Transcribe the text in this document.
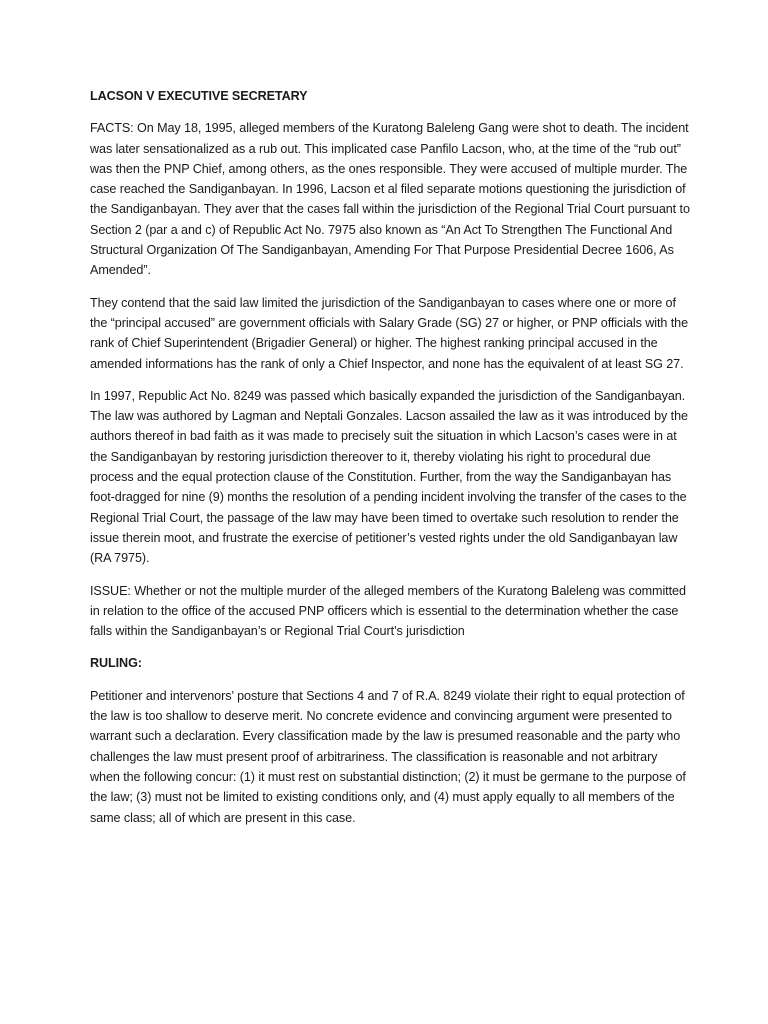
LACSON V EXECUTIVE SECRETARY

FACTS: On May 18, 1995, alleged members of the Kuratong Baleleng Gang were shot to death. The incident was later sensationalized as a rub out. This implicated case Panfilo Lacson, who, at the time of the “rub out” was then the PNP Chief, among others, as the ones responsible. They were accused of multiple murder. The case reached the Sandiganbayan. In 1996, Lacson et al filed separate motions questioning the jurisdiction of the Sandiganbayan. They aver that the cases fall within the jurisdiction of the Regional Trial Court pursuant to Section 2 (par a and c) of Republic Act No. 7975 also known as “An Act To Strengthen The Functional And Structural Organization Of The Sandiganbayan, Amending For That Purpose Presidential Decree 1606, As Amended”.

They contend that the said law limited the jurisdiction of the Sandiganbayan to cases where one or more of the “principal accused” are government officials with Salary Grade (SG) 27 or higher, or PNP officials with the rank of Chief Superintendent (Brigadier General) or higher. The highest ranking principal accused in the amended informations has the rank of only a Chief Inspector, and none has the equivalent of at least SG 27.

In 1997, Republic Act No. 8249 was passed which basically expanded the jurisdiction of the Sandiganbayan. The law was authored by Lagman and Neptali Gonzales. Lacson assailed the law as it was introduced by the authors thereof in bad faith as it was made to precisely suit the situation in which Lacson’s cases were in at the Sandiganbayan by restoring jurisdiction thereover to it, thereby violating his right to procedural due process and the equal protection clause of the Constitution. Further, from the way the Sandiganbayan has foot-dragged for nine (9) months the resolution of a pending incident involving the transfer of the cases to the Regional Trial Court, the passage of the law may have been timed to overtake such resolution to render the issue therein moot, and frustrate the exercise of petitioner’s vested rights under the old Sandiganbayan law (RA 7975).

ISSUE: Whether or not the multiple murder of the alleged members of the Kuratong Baleleng was committed in relation to the office of the accused PNP officers which is essential to the determination whether the case falls within the Sandiganbayan’s or Regional Trial Court’s jurisdiction

RULING:

Petitioner and intervenors’ posture that Sections 4 and 7 of R.A. 8249 violate their right to equal protection of the law is too shallow to deserve merit. No concrete evidence and convincing argument were presented to warrant such a declaration. Every classification made by the law is presumed reasonable and the party who challenges the law must present proof of arbitrariness. The classification is reasonable and not arbitrary when the following concur: (1) it must rest on substantial distinction; (2) it must be germane to the purpose of the law; (3) must not be limited to existing conditions only, and (4) must apply equally to all members of the same class; all of which are present in this case.
